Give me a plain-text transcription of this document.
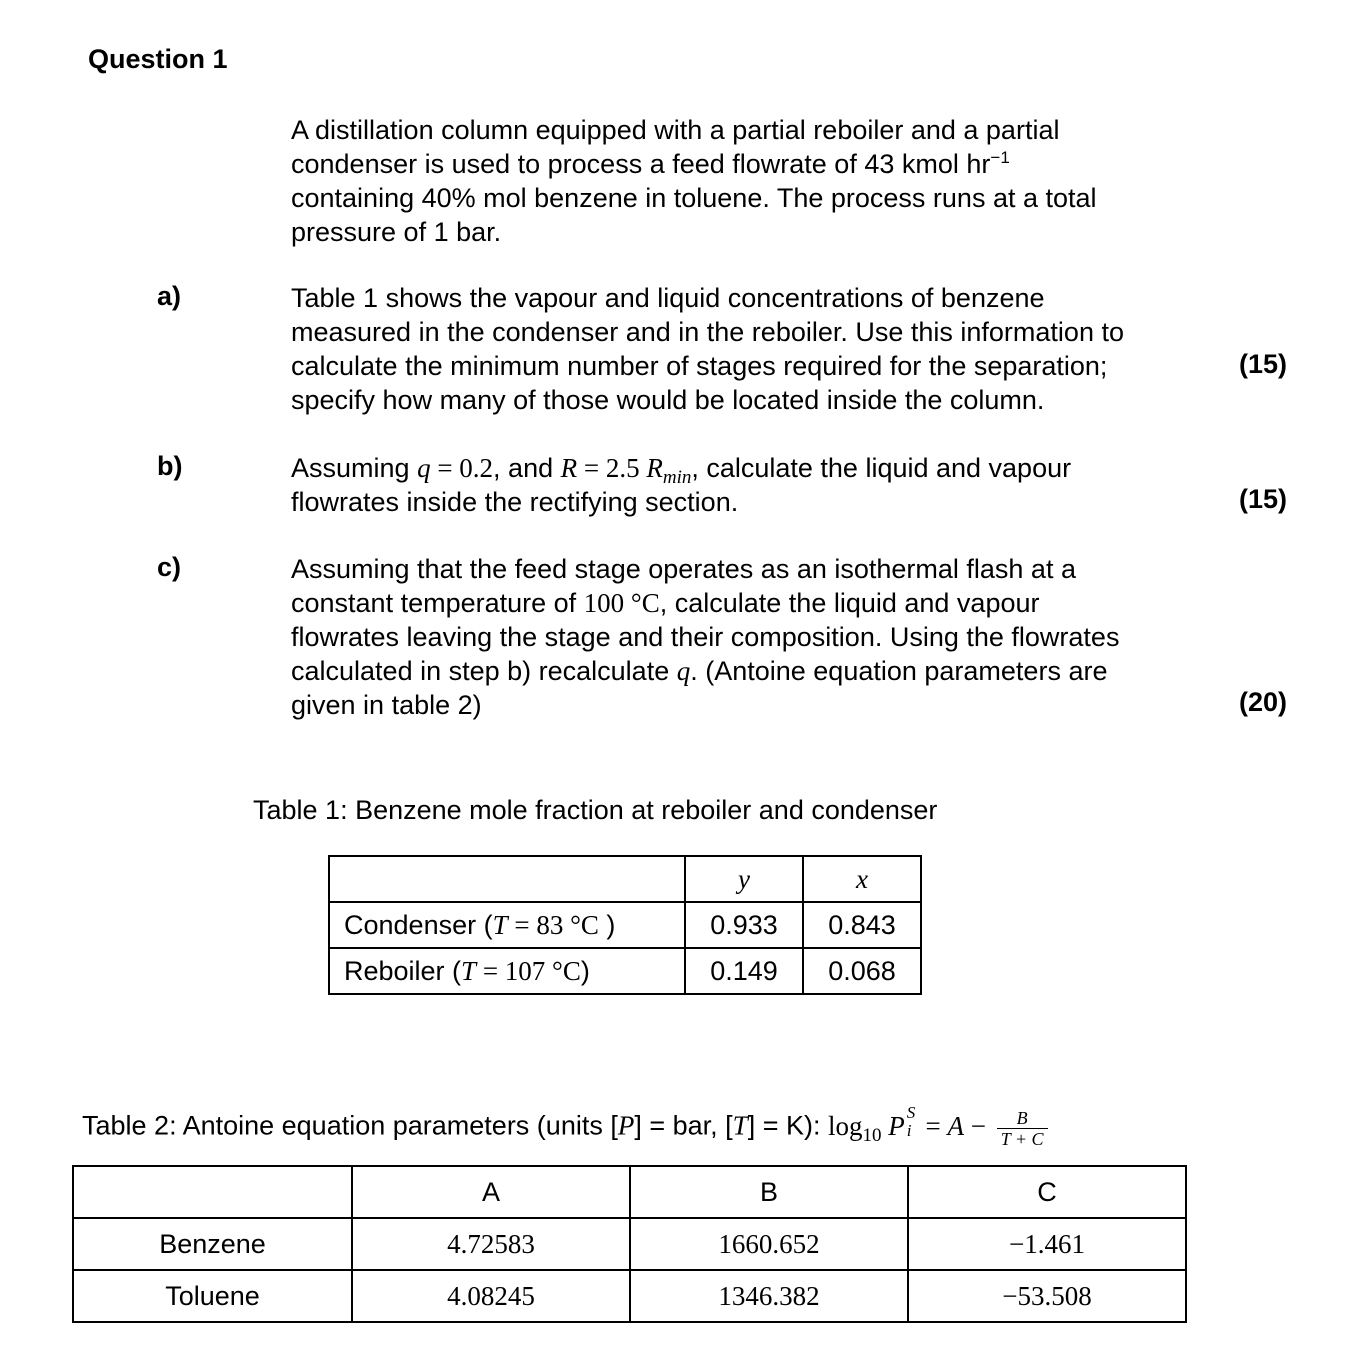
Question 1
A distillation column equipped with a partial reboiler and a partial
condenser is used to process a feed flowrate of 43 kmol $hr^{-1}$
containing 40% mol benzene in toluene. The process runs at a total
pressure of 1 bar.
a)	Table 1 shows the vapour and liquid concentrations of benzene
measured in the condenser and in the reboiler. Use this information to
calculate the minimum number of stages required for the separation;
specify how many of those would be located inside the column.
(15)
b)	Assuming q = 0.2, and R = 2.5 $R_{min}$, calculate the liquid and vapour
flowrates inside the rectifying section.	(15)
c)	Assuming that the feed stage operates as an isothermal flash at a
constant temperature of 100 °C, calculate the liquid and vapour
flowrates leaving the stage and their composition. Using the flowrates
calculated in step b) recalculate q. (Antoine equation parameters are
given in table 2)	(20)
Table 1: Benzene mole fraction at reboiler and condenser
	y	x
Condenser (T = 83 °C )	0.933	0.843
Reboiler (T = 107 °C)	0.149	0.068
Table 2: Antoine equation parameters (units [P] = bar, [T] = K): $\log_{10} P$ S
$i = A - \frac{B}{T + C}$
	A	B	C
Benzene	4.72583	1660.652	−1.461
Toluene	4.08245	1346.382	−53.508
